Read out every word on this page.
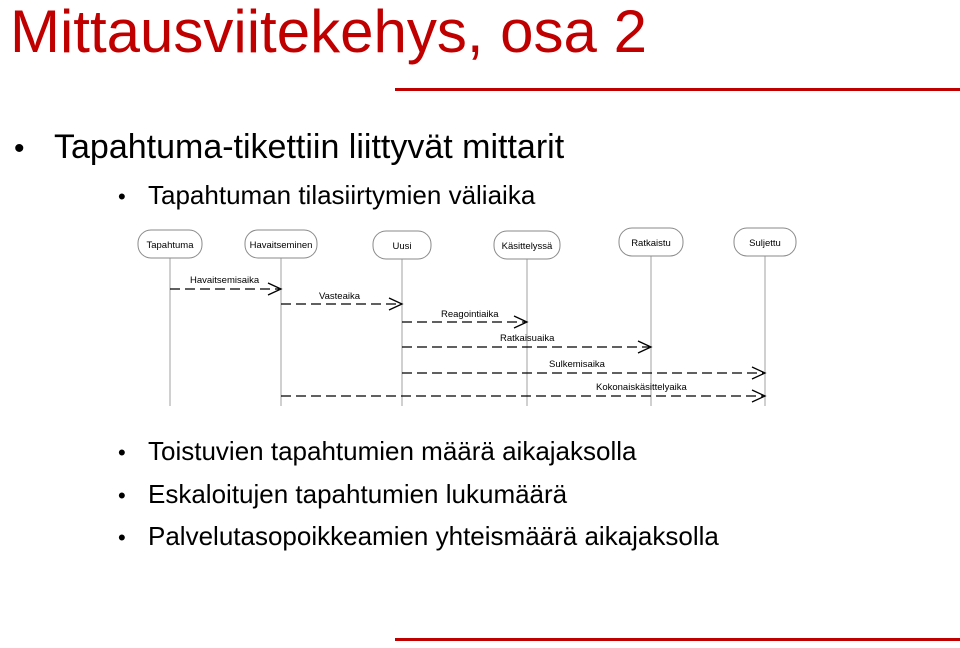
Mittausviitekehys, osa 2
• Tapahtuma-tikettiin liittyvät mittarit
• Tapahtuman tilasiirtymien väliaika
Tapahtuma	Havaitseminen	Uusi	Käsittelyssä	Ratkaistu	Suljettu
Havaitsemisaika
Vasteaika
Reagointiaika
Ratkaisuaika
Sulkemisaika
Kokonaiskäsittelyaika
• Toistuvien tapahtumien määrä aikajaksolla
• Eskaloitujen tapahtumien lukumäärä
• Palvelutasopoikkeamien yhteismäärä aikajaksolla
